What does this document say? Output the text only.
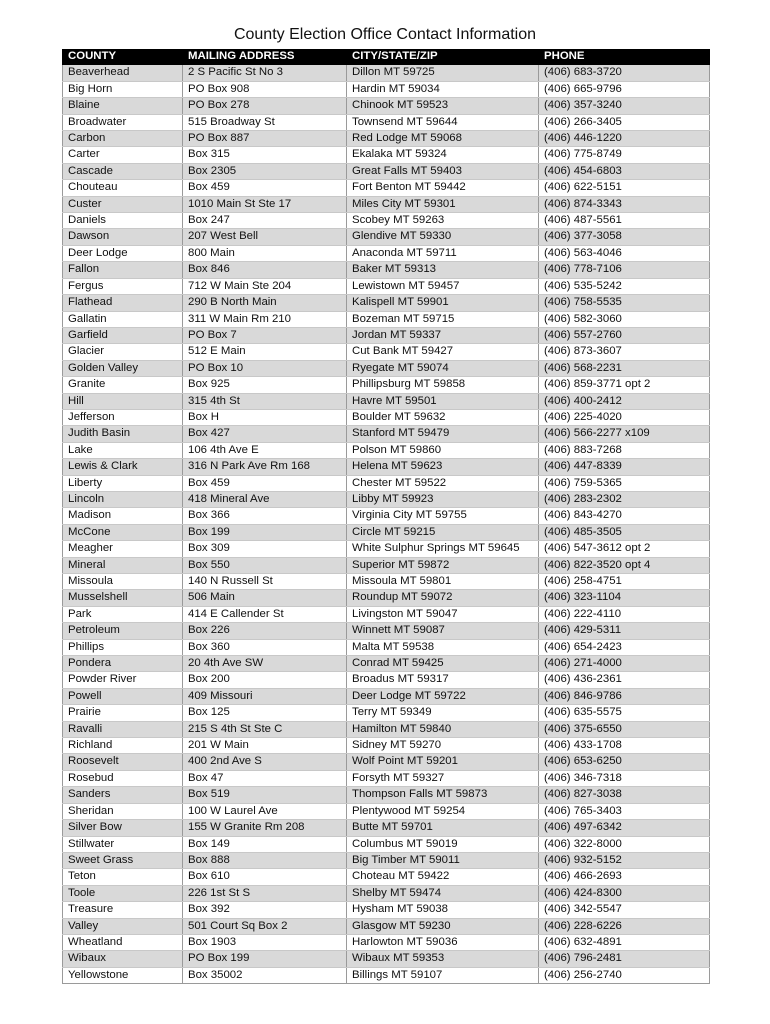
County Election Office Contact Information
COUNTY	MAILING ADDRESS	CITY/STATE/ZIP	PHONE
Beaverhead	2 S Pacific St No 3	Dillon MT 59725	(406) 683-3720
Big Horn	PO Box 908	Hardin MT 59034	(406) 665-9796
Blaine	PO Box 278	Chinook MT 59523	(406) 357-3240
Broadwater	515 Broadway St	Townsend MT 59644	(406) 266-3405
Carbon	PO Box 887	Red Lodge MT 59068	(406) 446-1220
Carter	Box 315	Ekalaka MT 59324	(406) 775-8749
Cascade	Box 2305	Great Falls MT 59403	(406) 454-6803
Chouteau	Box 459	Fort Benton MT 59442	(406) 622-5151
Custer	1010 Main St Ste 17	Miles City MT 59301	(406) 874-3343
Daniels	Box 247	Scobey MT 59263	(406) 487-5561
Dawson	207 West Bell	Glendive MT 59330	(406) 377-3058
Deer Lodge	800 Main	Anaconda MT 59711	(406) 563-4046
Fallon	Box 846	Baker MT 59313	(406) 778-7106
Fergus	712 W Main Ste 204	Lewistown MT 59457	(406) 535-5242
Flathead	290 B North Main	Kalispell MT 59901	(406) 758-5535
Gallatin	311 W Main Rm 210	Bozeman MT 59715	(406) 582-3060
Garfield	PO Box 7	Jordan MT 59337	(406) 557-2760
Glacier	512 E Main	Cut Bank MT 59427	(406) 873-3607
Golden Valley	PO Box 10	Ryegate MT 59074	(406) 568-2231
Granite	Box 925	Phillipsburg MT 59858	(406) 859-3771 opt 2
Hill	315 4th St	Havre MT 59501	(406) 400-2412
Jefferson	Box H	Boulder MT 59632	(406) 225-4020
Judith Basin	Box 427	Stanford MT 59479	(406) 566-2277 x109
Lake	106 4th Ave E	Polson MT 59860	(406) 883-7268
Lewis & Clark	316 N Park Ave Rm 168	Helena MT 59623	(406) 447-8339
Liberty	Box 459	Chester MT 59522	(406) 759-5365
Lincoln	418 Mineral Ave	Libby MT 59923	(406) 283-2302
Madison	Box 366	Virginia City MT 59755	(406) 843-4270
McCone	Box 199	Circle MT 59215	(406) 485-3505
Meagher	Box 309	White Sulphur Springs MT 59645	(406) 547-3612 opt 2
Mineral	Box 550	Superior MT 59872	(406) 822-3520 opt 4
Missoula	140 N Russell St	Missoula MT 59801	(406) 258-4751
Musselshell	506 Main	Roundup MT 59072	(406) 323-1104
Park	414 E Callender St	Livingston MT 59047	(406) 222-4110
Petroleum	Box 226	Winnett MT 59087	(406) 429-5311
Phillips	Box 360	Malta MT 59538	(406) 654-2423
Pondera	20 4th Ave SW	Conrad MT 59425	(406) 271-4000
Powder River	Box 200	Broadus MT 59317	(406) 436-2361
Powell	409 Missouri	Deer Lodge MT 59722	(406) 846-9786
Prairie	Box 125	Terry MT 59349	(406) 635-5575
Ravalli	215 S 4th St Ste C	Hamilton MT 59840	(406) 375-6550
Richland	201 W Main	Sidney MT 59270	(406) 433-1708
Roosevelt	400 2nd Ave S	Wolf Point MT 59201	(406) 653-6250
Rosebud	Box 47	Forsyth MT 59327	(406) 346-7318
Sanders	Box 519	Thompson Falls MT 59873	(406) 827-3038
Sheridan	100 W Laurel Ave	Plentywood MT 59254	(406) 765-3403
Silver Bow	155 W Granite Rm 208	Butte MT 59701	(406) 497-6342
Stillwater	Box 149	Columbus MT 59019	(406) 322-8000
Sweet Grass	Box 888	Big Timber MT 59011	(406) 932-5152
Teton	Box 610	Choteau MT 59422	(406) 466-2693
Toole	226 1st St S	Shelby MT 59474	(406) 424-8300
Treasure	Box 392	Hysham MT 59038	(406) 342-5547
Valley	501 Court Sq Box 2	Glasgow MT 59230	(406) 228-6226
Wheatland	Box 1903	Harlowton MT 59036	(406) 632-4891
Wibaux	PO Box 199	Wibaux MT 59353	(406) 796-2481
Yellowstone	Box 35002	Billings MT 59107	(406) 256-2740
